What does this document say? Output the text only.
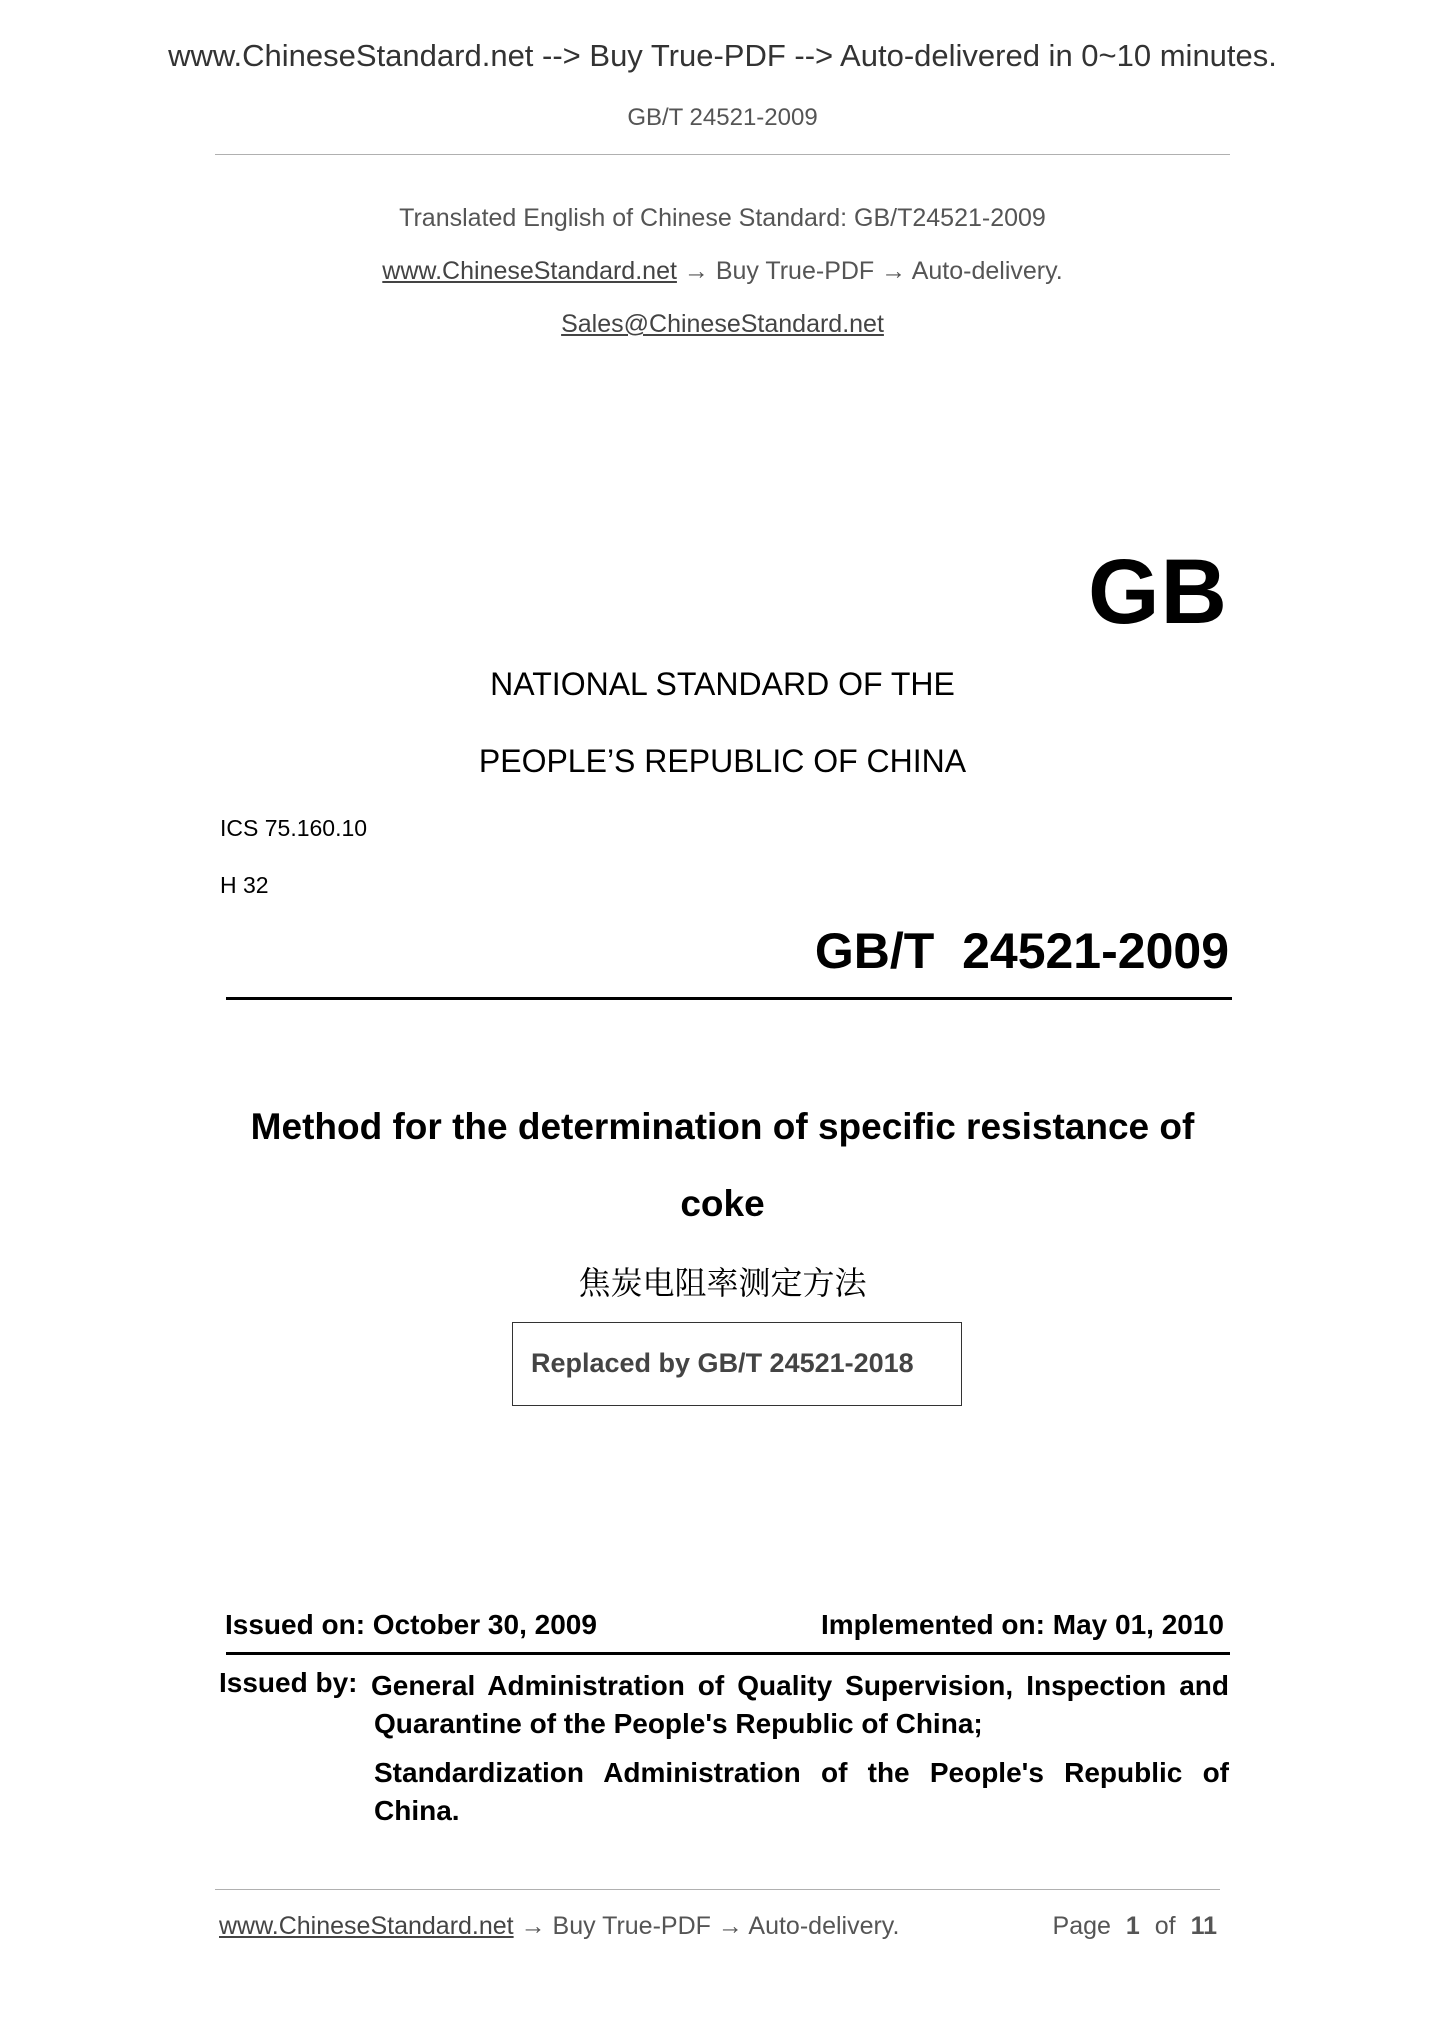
www.ChineseStandard.net --> Buy True-PDF --> Auto-delivered in 0~10 minutes.
GB/T 24521-2009
Translated English of Chinese Standard: GB/T24521-2009
www.ChineseStandard.net → Buy True-PDF → Auto-delivery.
Sales@ChineseStandard.net
GB
NATIONAL STANDARD OF THE
PEOPLE’S REPUBLIC OF CHINA
ICS 75.160.10
H 32
GB/T  24521-2009
Method for the determination of specific resistance of
coke
焦炭电阻率测定方法
Replaced by GB/T 24521-2018
Issued on: October 30, 2009	Implemented on: May 01, 2010
Issued by: General Administration of Quality Supervision, Inspection and
Quarantine of the People's Republic of China;
Standardization Administration of the People's Republic of
China.
www.ChineseStandard.net → Buy True-PDF → Auto-delivery.	Page 1 of 11
